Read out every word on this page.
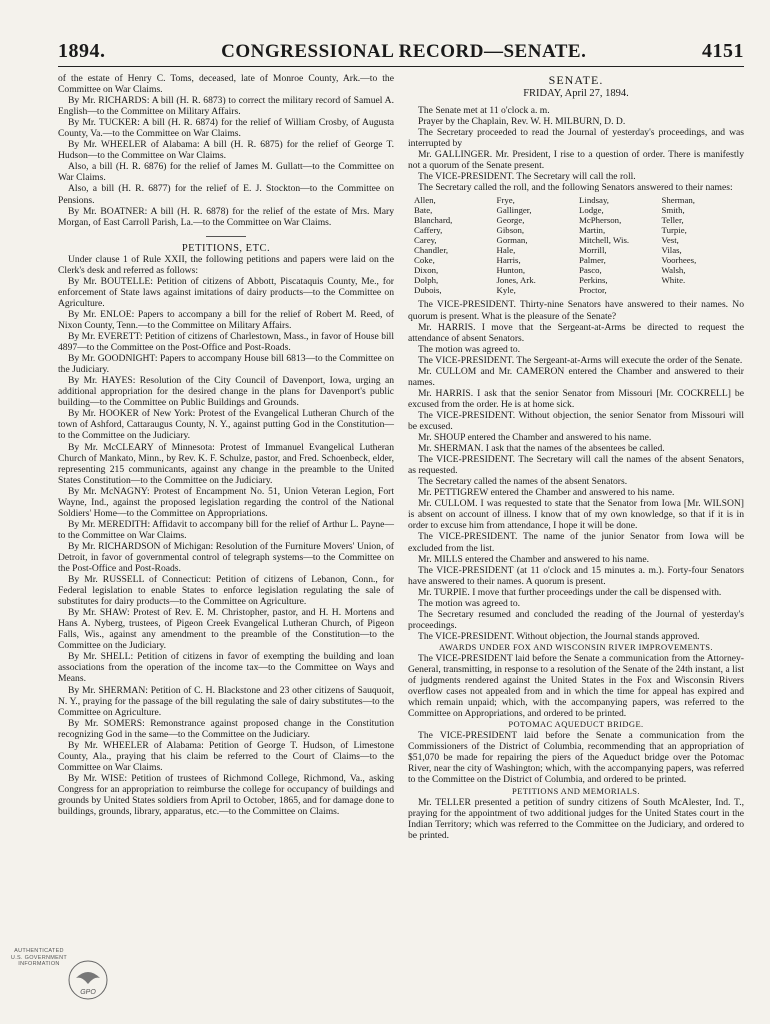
1894.	CONGRESSIONAL RECORD—SENATE.	4151

of the estate of Henry C. Toms, deceased, late of Monroe County, Ark.—to the Committee on War Claims.

By Mr. RICHARDS: A bill (H. R. 6873) to correct the military record of Samuel A. English—to the Committee on Military Affairs.

By Mr. TUCKER: A bill (H. R. 6874) for the relief of William Crosby, of Augusta County, Va.—to the Committee on War Claims.

By Mr. WHEELER of Alabama: A bill (H. R. 6875) for the relief of George T. Hudson—to the Committee on War Claims.

Also, a bill (H. R. 6876) for the relief of James M. Gullatt—to the Committee on War Claims.

Also, a bill (H. R. 6877) for the relief of E. J. Stockton—to the Committee on Pensions.

By Mr. BOATNER: A bill (H. R. 6878) for the relief of the estate of Mrs. Mary Morgan, of East Carroll Parish, La.—to the Committee on War Claims.

PETITIONS, ETC.

Under clause 1 of Rule XXII, the following petitions and papers were laid on the Clerk's desk and referred as follows:

By Mr. BOUTELLE: Petition of citizens of Abbott, Piscataquis County, Me., for enforcement of State laws against imitations of dairy products—to the Committee on Agriculture.

By Mr. ENLOE: Papers to accompany a bill for the relief of Robert M. Reed, of Nixon County, Tenn.—to the Committee on Military Affairs.

By Mr. EVERETT: Petition of citizens of Charlestown, Mass., in favor of House bill 4897—to the Committee on the Post-Office and Post-Roads.

By Mr. GOODNIGHT: Papers to accompany House bill 6813—to the Committee on the Judiciary.

By Mr. HAYES: Resolution of the City Council of Davenport, Iowa, urging an additional appropriation for the desired change in the plans for Davenport's public building—to the Committee on Public Buildings and Grounds.

By Mr. HOOKER of New York: Protest of the Evangelical Lutheran Church of the town of Ashford, Cattaraugus County, N. Y., against putting God in the Constitution—to the Committee on the Judiciary.

By Mr. McCLEARY of Minnesota: Protest of Immanuel Evangelical Lutheran Church of Mankato, Minn., by Rev. K. F. Schulze, pastor, and Fred. Schoenbeck, elder, representing 215 communicants, against any change in the preamble to the United States Constitution—to the Committee on the Judiciary.

By Mr. McNAGNY: Protest of Encampment No. 51, Union Veteran Legion, Fort Wayne, Ind., against the proposed legislation regarding the control of the National Soldiers' Home—to the Committee on Appropriations.

By Mr. MEREDITH: Affidavit to accompany bill for the relief of Arthur L. Payne—to the Committee on War Claims.

By Mr. RICHARDSON of Michigan: Resolution of the Furniture Movers' Union, of Detroit, in favor of governmental control of telegraph systems—to the Committee on the Post-Office and Post-Roads.

By Mr. RUSSELL of Connecticut: Petition of citizens of Lebanon, Conn., for Federal legislation to enable States to enforce legislation regulating the sale of substitutes for dairy products—to the Committee on Agriculture.

By Mr. SHAW: Protest of Rev. E. M. Christopher, pastor, and H. H. Mortens and Hans A. Nyberg, trustees, of Pigeon Creek Evangelical Lutheran Church, of Pigeon Falls, Wis., against any amendment to the preamble of the Constitution—to the Committee on the Judiciary.

By Mr. SHELL: Petition of citizens in favor of exempting the building and loan associations from the operation of the income tax—to the Committee on Ways and Means.

By Mr. SHERMAN: Petition of C. H. Blackstone and 23 other citizens of Sauquoit, N. Y., praying for the passage of the bill regulating the sale of dairy substitutes—to the Committee on Agriculture.

By Mr. SOMERS: Remonstrance against proposed change in the Constitution recognizing God in the same—to the Committee on the Judiciary.

By Mr. WHEELER of Alabama: Petition of George T. Hudson, of Limestone County, Ala., praying that his claim be referred to the Court of Claims—to the Committee on War Claims.

By Mr. WISE: Petition of trustees of Richmond College, Richmond, Va., asking Congress for an appropriation to reimburse the college for occupancy of buildings and grounds by United States soldiers from April to October, 1865, and for damage done to buildings, grounds, library, apparatus, etc.—to the Committee on Claims.

SENATE.
FRIDAY, April 27, 1894.

The Senate met at 11 o'clock a. m.

Prayer by the Chaplain, Rev. W. H. MILBURN, D. D.

The Secretary proceeded to read the Journal of yesterday's proceedings, and was interrupted by

Mr. GALLINGER. Mr. President, I rise to a question of order. There is manifestly not a quorum of the Senate present.

The VICE-PRESIDENT. The Secretary will call the roll.

The Secretary called the roll, and the following Senators answered to their names:

Allen,
Bate,
Blanchard,
Caffery,
Carey,
Chandler,
Coke,
Dixon,
Dolph,
Dubois,
Frye,
Gallinger,
George,
Gibson,
Gorman,
Hale,
Harris,
Hunton,
Jones, Ark.
Kyle,
Lindsay,
Lodge,
McPherson,
Martin,
Mitchell, Wis.
Morrill,
Palmer,
Pasco,
Perkins,
Proctor,
Sherman,
Smith,
Teller,
Turpie,
Vest,
Vilas,
Voorhees,
Walsh,
White.

The VICE-PRESIDENT. Thirty-nine Senators have answered to their names. No quorum is present. What is the pleasure of the Senate?

Mr. HARRIS. I move that the Sergeant-at-Arms be directed to request the attendance of absent Senators.

The motion was agreed to.

The VICE-PRESIDENT. The Sergeant-at-Arms will execute the order of the Senate.

Mr. CULLOM and Mr. CAMERON entered the Chamber and answered to their names.

Mr. HARRIS. I ask that the senior Senator from Missouri [Mr. COCKRELL] be excused from the order. He is at home sick.

The VICE-PRESIDENT. Without objection, the senior Senator from Missouri will be excused.

Mr. SHOUP entered the Chamber and answered to his name.

Mr. SHERMAN. I ask that the names of the absentees be called.

The VICE-PRESIDENT. The Secretary will call the names of the absent Senators, as requested.

The Secretary called the names of the absent Senators.

Mr. PETTIGREW entered the Chamber and answered to his name.

Mr. CULLOM. I was requested to state that the Senator from Iowa [Mr. WILSON] is absent on account of illness. I know that of my own knowledge, so that if it is in order to excuse him from attendance, I hope it will be done.

The VICE-PRESIDENT. The name of the junior Senator from Iowa will be excluded from the list.

Mr. MILLS entered the Chamber and answered to his name.

The VICE-PRESIDENT (at 11 o'clock and 15 minutes a. m.). Forty-four Senators have answered to their names. A quorum is present.

Mr. TURPIE. I move that further proceedings under the call be dispensed with.

The motion was agreed to.

The Secretary resumed and concluded the reading of the Journal of yesterday's proceedings.

The VICE-PRESIDENT. Without objection, the Journal stands approved.

AWARDS UNDER FOX AND WISCONSIN RIVER IMPROVEMENTS.

The VICE-PRESIDENT laid before the Senate a communication from the Attorney-General, transmitting, in response to a resolution of the Senate of the 24th instant, a list of judgments rendered against the United States in the Fox and Wisconsin Rivers overflow cases not appealed from and in which the time for appeal has expired and which remain unpaid; which, with the accompanying papers, was referred to the Committee on Appropriations, and ordered to be printed.

POTOMAC AQUEDUCT BRIDGE.

The VICE-PRESIDENT laid before the Senate a communication from the Commissioners of the District of Columbia, recommending that an appropriation of $51,070 be made for repairing the piers of the Aqueduct bridge over the Potomac River, near the city of Washington; which, with the accompanying papers, was referred to the Committee on the District of Columbia, and ordered to be printed.

PETITIONS AND MEMORIALS.

Mr. TELLER presented a petition of sundry citizens of South McAlester, Ind. T., praying for the appointment of two additional judges for the United States court in the Indian Territory; which was referred to the Committee on the Judiciary, and ordered to be printed.

AUTHENTICATED
U.S. GOVERNMENT
INFORMATION
GPO
